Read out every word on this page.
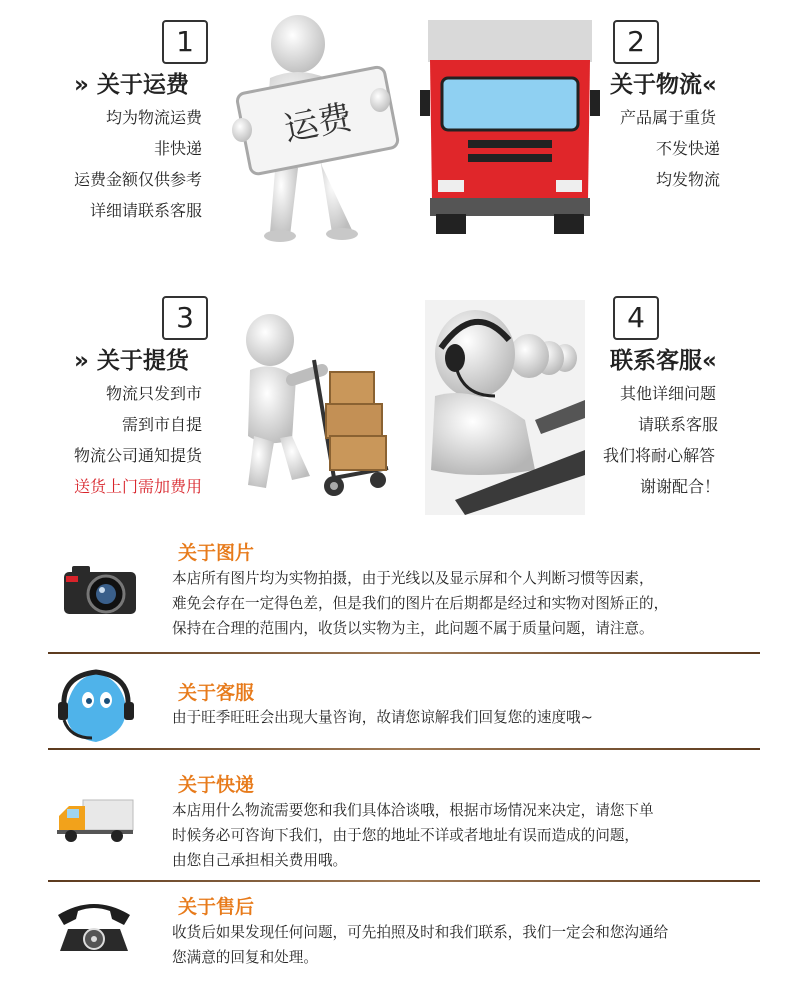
1
» 关于运费
均为物流运费
非快递
运费金额仅供参考
详细请联系客服
运费
2
关于物流«
产品属于重货
不发快递
均发物流
3
» 关于提货
物流只发到市
需到市自提
物流公司通知提货
送货上门需加费用
4
联系客服«
其他详细问题
请联系客服
我们将耐心解答
谢谢配合！
关于图片
本店所有图片均为实物拍摄，由于光线以及显示屏和个人判断习惯等因素，
难免会存在一定得色差，但是我们的图片在后期都是经过和实物对图矫正的，
保持在合理的范围内，收货以实物为主，此问题不属于质量问题，请注意。
关于客服
由于旺季旺旺会出现大量咨询，故请您谅解我们回复您的速度哦~
关于快递
本店用什么物流需要您和我们具体洽谈哦，根据市场情况来决定，请您下单
时候务必可咨询下我们，由于您的地址不详或者地址有误而造成的问题，
由您自己承担相关费用哦。
关于售后
收货后如果发现任何问题，可先拍照及时和我们联系，我们一定会和您沟通给
您满意的回复和处理。
